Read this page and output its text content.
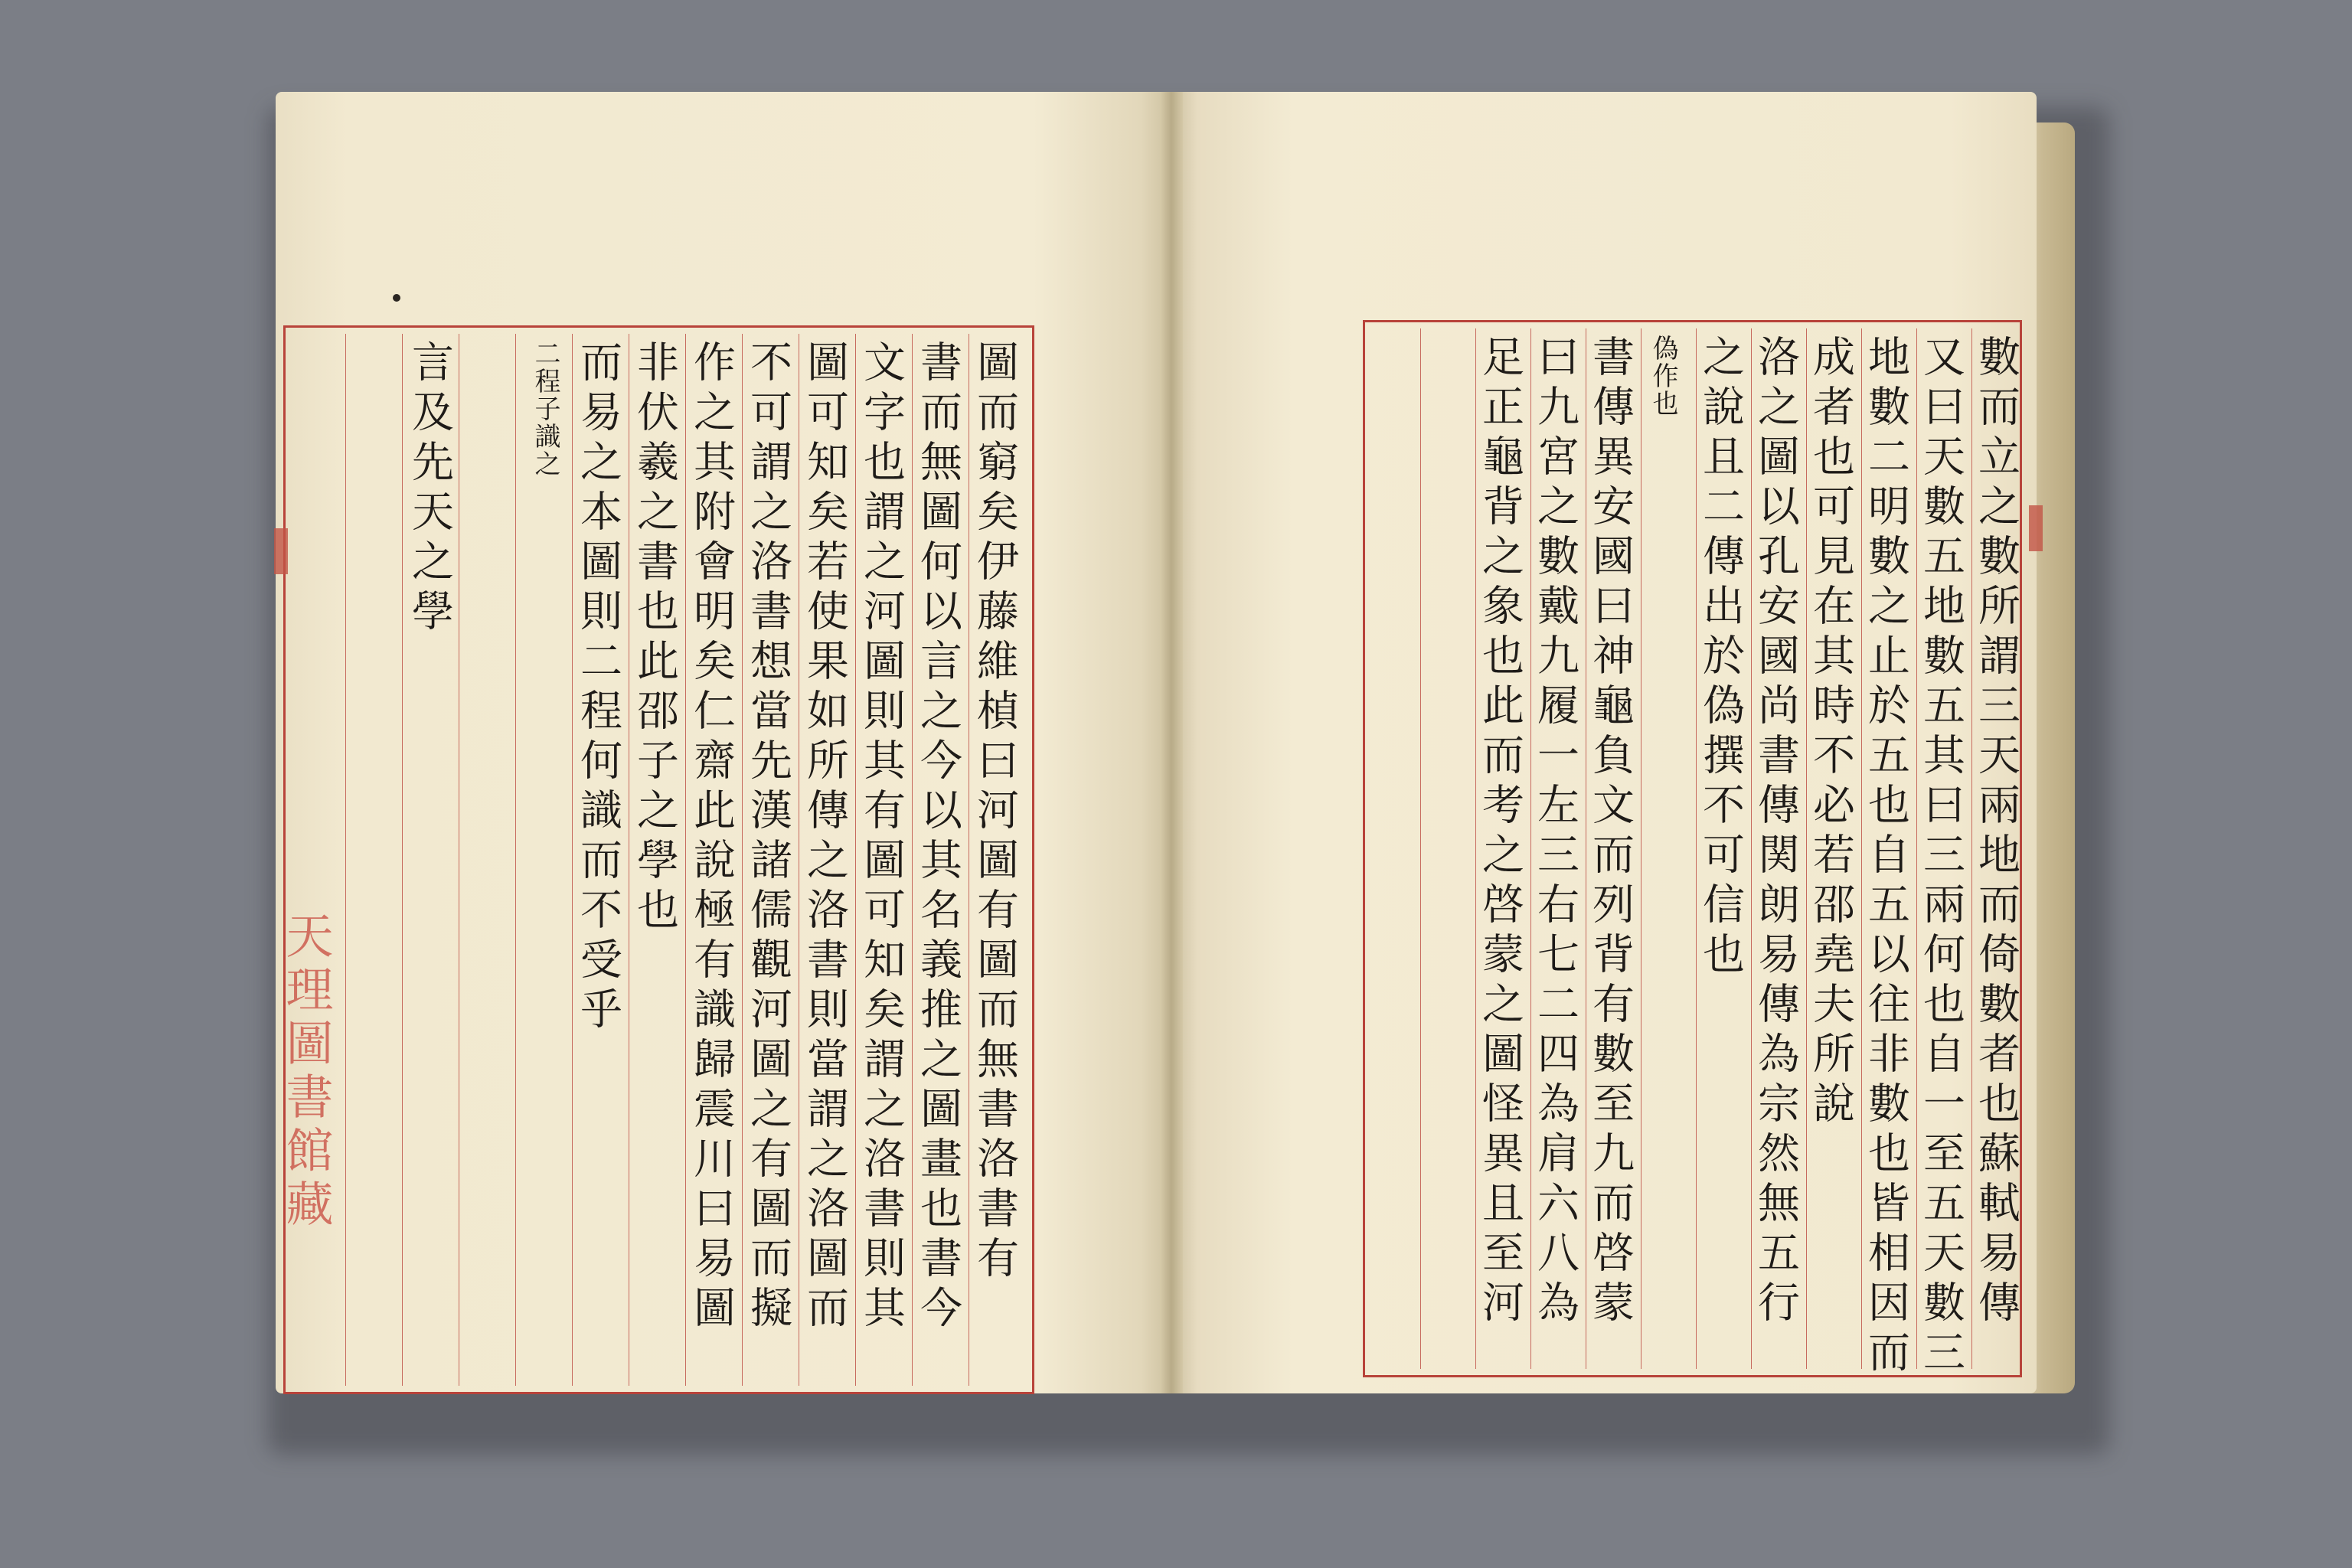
圖而窮矣伊藤維楨曰河圖有圖而無書洛書有
書而無圖何以言之今以其名義推之圖畫也書今
文字也謂之河圖則其有圖可知矣謂之洛書則其
圖可知矣若使果如所傳之洛書則當謂之洛圖而
不可謂之洛書想當先漢諸儒觀河圖之有圖而擬
作之其附會明矣仁齋此說極有識歸震川曰易圖
非伏羲之書也此邵子之學也
而易之本圖則二程何識而不受乎
二程子識之
言及先天之學	數而立之數所謂三天兩地而倚數者也蘇軾易傳
又曰天數五地數五其曰三兩何也自一至五天數三
地數二明數之止於五也自五以往非數也皆相因而
成者也可見在其時不必若邵堯夫所說
洛之圖以孔安國尚書傳関朗易傳為宗然無五行
之說且二傳出於偽撰不可信也
偽作也
書傳異安國曰神龜負文而列背有數至九而啓蒙
曰九宮之數戴九履一左三右七二四為肩六八為
足正龜背之象也此而考之啓蒙之圖怪異且至河
天理圖書館藏
